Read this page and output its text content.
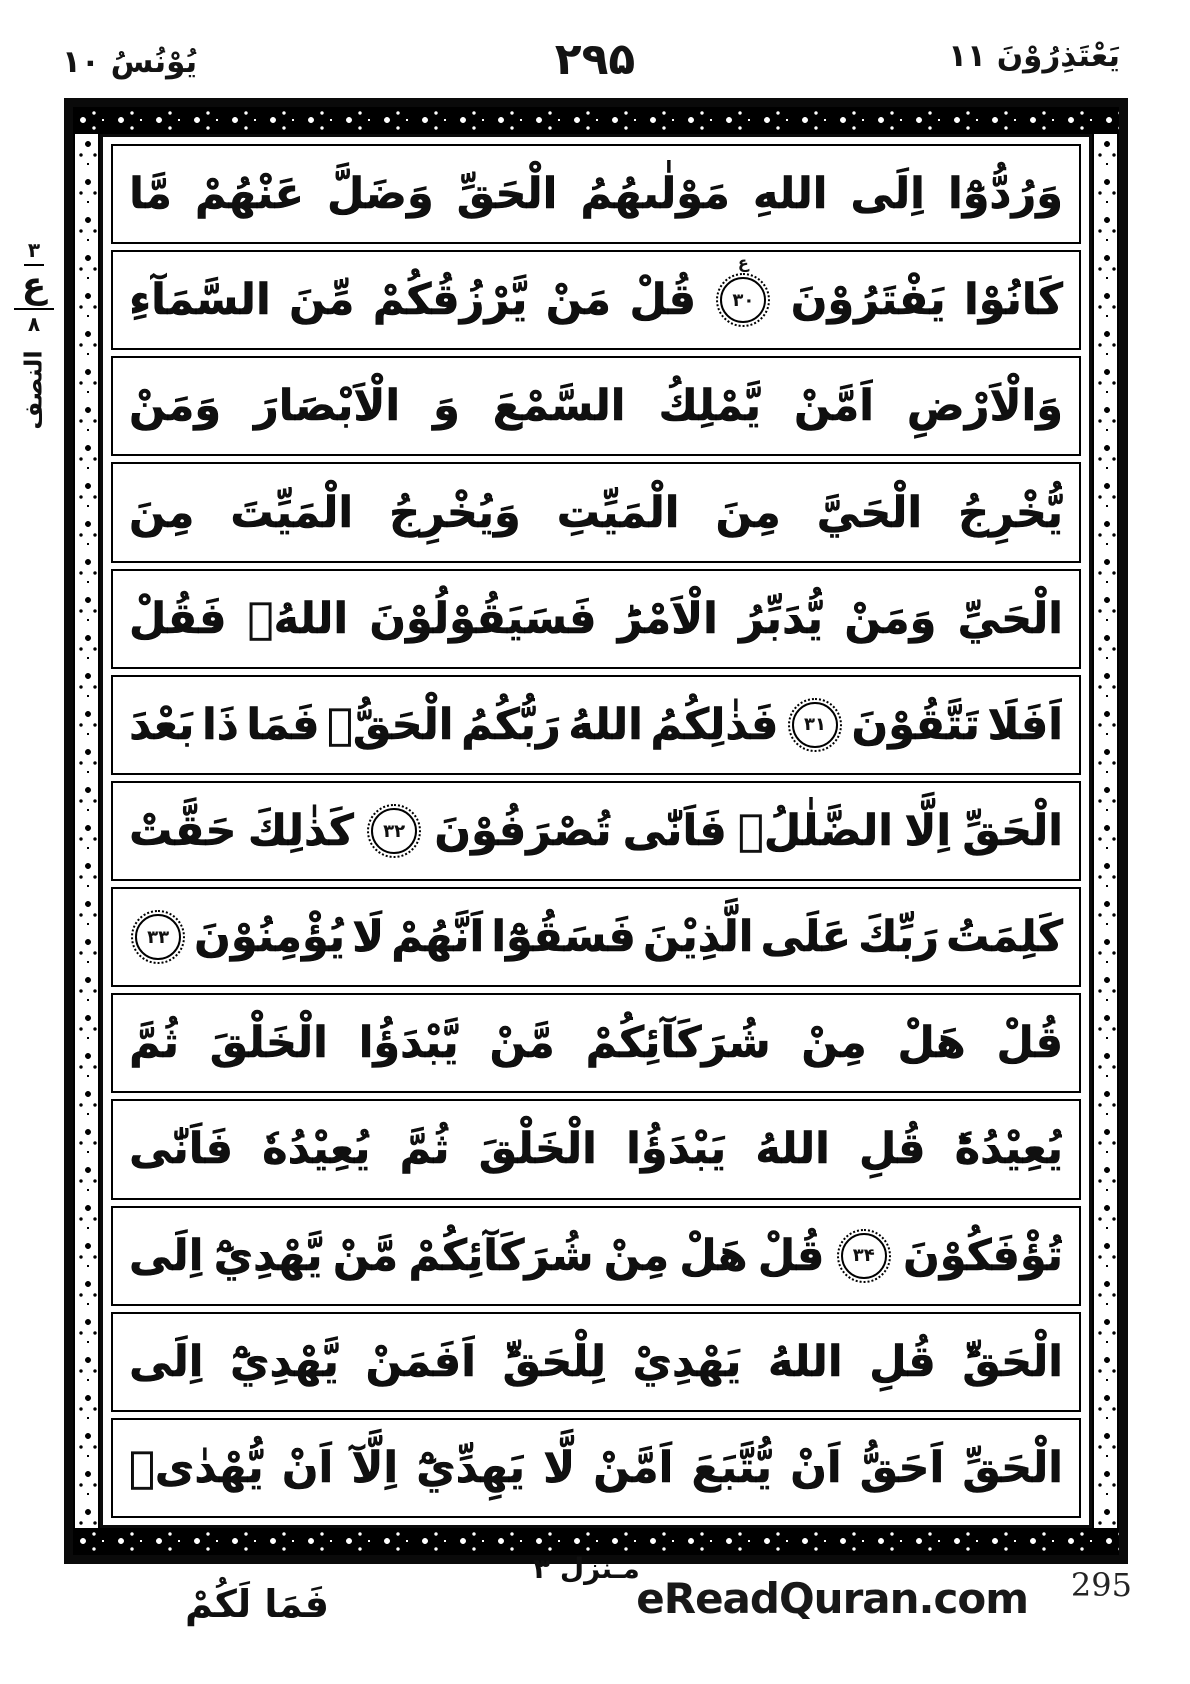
يَعْتَذِرُوْنَ ۱۱
۲۹۵
يُوْنُسُ ۱۰
٣
ع
۸
النصف
وَرُدُّوْٓا
اِلَى
اللهِ
مَوْلٰىهُمُ
الْحَقِّ
وَضَلَّ
عَنْهُمْ
مَّا
كَانُوْا
يَفْتَرُوْنَ
۳۰
ع
قُلْ
مَنْ
يَّرْزُقُكُمْ
مِّنَ
السَّمَآءِ
وَالْاَرْضِ
اَمَّنْ
يَّمْلِكُ
السَّمْعَ
وَ
الْاَبْصَارَ
وَمَنْ
يُّخْرِجُ
الْحَيَّ
مِنَ
الْمَيِّتِ
وَيُخْرِجُ
الْمَيِّتَ
مِنَ
الْحَيِّ
وَمَنْ
يُّدَبِّرُ
الْاَمْرَؕ
فَسَيَقُوْلُوْنَ
اللهُۚ
فَقُلْ
اَفَلَا
تَتَّقُوْنَ
۳۱
فَذٰلِكُمُ
اللهُ
رَبُّكُمُ
الْحَقُّۚ
فَمَا
ذَا
بَعْدَ
الْحَقِّ
اِلَّا
الضَّلٰلُۖ
فَاَنّٰى
تُصْرَفُوْنَ
۳۲
كَذٰلِكَ
حَقَّتْ
كَلِمَتُ
رَبِّكَ
عَلَى
الَّذِيْنَ
فَسَقُوْٓا
اَنَّهُمْ
لَا
يُؤْمِنُوْنَ
۳۳
قُلْ
هَلْ
مِنْ
شُرَكَآئِكُمْ
مَّنْ
يَّبْدَؤُا
الْخَلْقَ
ثُمَّ
يُعِيْدُهٗؕ
قُلِ
اللهُ
يَبْدَؤُا
الْخَلْقَ
ثُمَّ
يُعِيْدُهٗ
فَاَنّٰى
تُؤْفَكُوْنَ
۳۴
قُلْ
هَلْ
مِنْ
شُرَكَآئِكُمْ
مَّنْ
يَّهْدِيْٓ
اِلَى
الْحَقِّؕ
قُلِ
اللهُ
يَهْدِيْ
لِلْحَقِّؕ
اَفَمَنْ
يَّهْدِيْٓ
اِلَى
الْحَقِّ
اَحَقُّ
اَنْ
يُّتَّبَعَ
اَمَّنْ
لَّا
يَهِدِّيْٓ
اِلَّآ
اَنْ
يُّهْدٰىۚ
فَمَا لَكُمْ
مـنزل ٣
eReadQuran.com 295
